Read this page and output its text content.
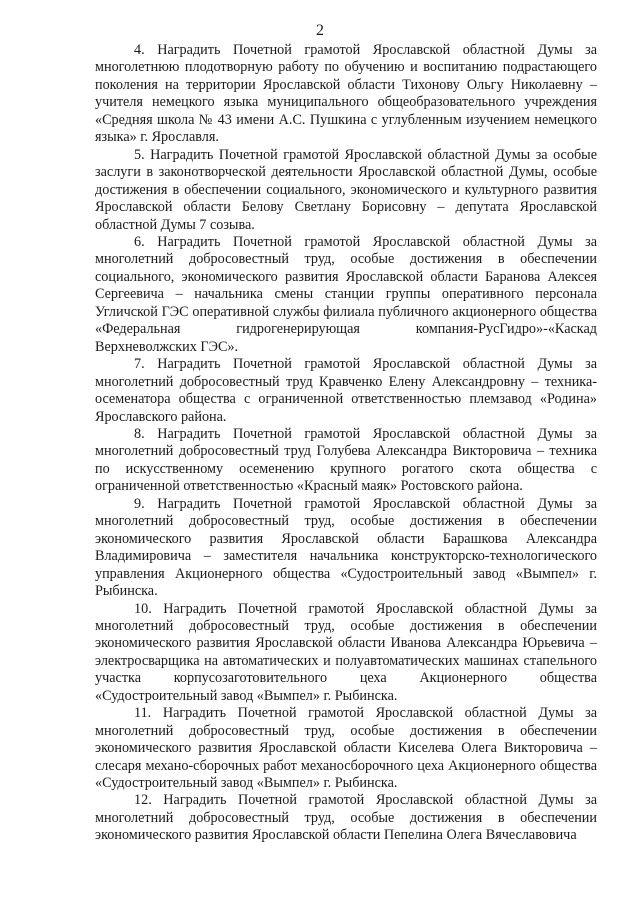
2

4. Наградить Почетной грамотой Ярославской областной Думы за многолетнюю плодотворную работу по обучению и воспитанию подрастающего поколения на территории Ярославской области Тихонову Ольгу Николаевну – учителя немецкого языка муниципального общеобразовательного учреждения «Средняя школа № 43 имени А.С. Пушкина с углубленным изучением немецкого языка» г. Ярославля.

5. Наградить Почетной грамотой Ярославской областной Думы за особые заслуги в законотворческой деятельности Ярославской областной Думы, особые достижения в обеспечении социального, экономического и культурного развития Ярославской области Белову Светлану Борисовну – депутата Ярославской областной Думы 7 созыва.

6. Наградить Почетной грамотой Ярославской областной Думы за многолетний добросовестный труд, особые достижения в обеспечении социального, экономического развития Ярославской области Баранова Алексея Сергеевича – начальника смены станции группы оперативного персонала Угличской ГЭС оперативной службы филиала публичного акционерного общества «Федеральная гидрогенерирующая компания-РусГидро»-«Каскад Верхневолжских ГЭС».

7. Наградить Почетной грамотой Ярославской областной Думы за многолетний добросовестный труд Кравченко Елену Александровну – техника-осеменатора общества с ограниченной ответственностью племзавод «Родина» Ярославского района.

8. Наградить Почетной грамотой Ярославской областной Думы за многолетний добросовестный труд Голубева Александра Викторовича – техника по искусственному осеменению крупного рогатого скота общества с ограниченной ответственностью «Красный маяк» Ростовского района.

9. Наградить Почетной грамотой Ярославской областной Думы за многолетний добросовестный труд, особые достижения в обеспечении экономического развития Ярославской области Барашкова Александра Владимировича – заместителя начальника конструкторско-технологического управления Акционерного общества «Судостроительный завод «Вымпел» г. Рыбинска.

10. Наградить Почетной грамотой Ярославской областной Думы за многолетний добросовестный труд, особые достижения в обеспечении экономического развития Ярославской области Иванова Александра Юрьевича – электросварщика на автоматических и полуавтоматических машинах стапельного участка корпусозаготовительного цеха Акционерного общества «Судостроительный завод «Вымпел» г. Рыбинска.

11. Наградить Почетной грамотой Ярославской областной Думы за многолетний добросовестный труд, особые достижения в обеспечении экономического развития Ярославской области Киселева Олега Викторовича – слесаря механо-сборочных работ механосборочного цеха Акционерного общества «Судостроительный завод «Вымпел» г. Рыбинска.

12. Наградить Почетной грамотой Ярославской областной Думы за многолетний добросовестный труд, особые достижения в обеспечении экономического развития Ярославской области Пепелина Олега Вячеславовича
